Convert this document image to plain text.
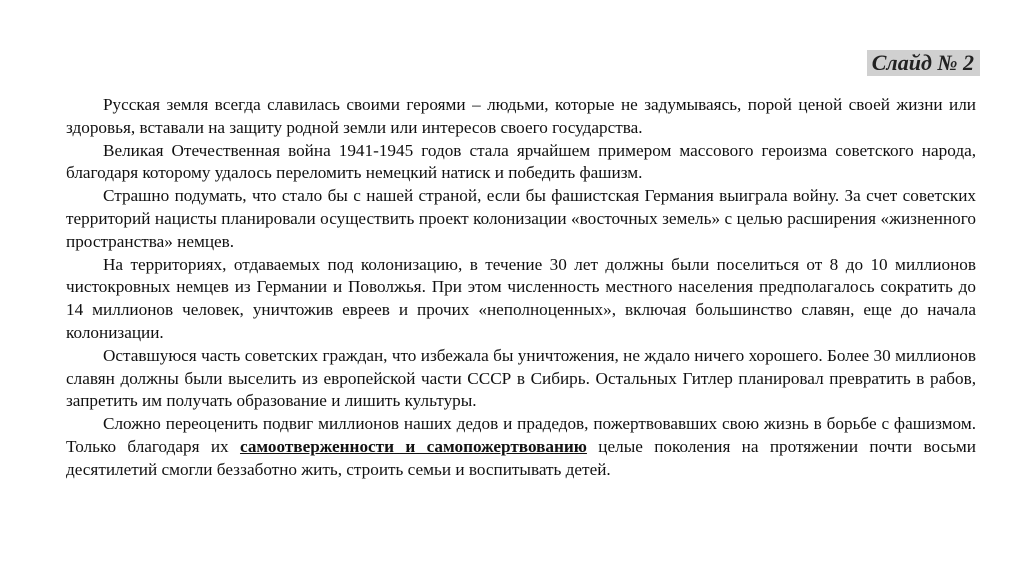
Слайд № 2

Русская земля всегда славилась своими героями – людьми, которые не задумываясь, порой ценой своей жизни или здоровья, вставали на защиту родной земли или интересов своего государства.

Великая Отечественная война 1941-1945 годов стала ярчайшем примером массового героизма советского народа, благодаря которому удалось переломить немецкий натиск и победить фашизм.

Страшно подумать, что стало бы с нашей страной, если бы фашистская Германия выиграла войну. За счет советских территорий нацисты планировали осуществить проект колонизации «восточных земель» с целью расширения «жизненного пространства» немцев.

На территориях, отдаваемых под колонизацию, в течение 30 лет должны были поселиться от 8 до 10 миллионов чистокровных немцев из Германии и Поволжья. При этом численность местного населения предполагалось сократить до 14 миллионов человек, уничтожив евреев и прочих «неполноценных», включая большинство славян, еще до начала колонизации.

Оставшуюся часть советских граждан, что избежала бы уничтожения, не ждало ничего хорошего. Более 30 миллионов славян должны были выселить из европейской части СССР в Сибирь. Остальных Гитлер планировал превратить в рабов, запретить им получать образование и лишить культуры.

Сложно переоценить подвиг миллионов наших дедов и прадедов, пожертвовавших свою жизнь в борьбе с фашизмом. Только благодаря их самоотверженности и самопожертвованию целые поколения на протяжении почти восьми десятилетий смогли беззаботно жить, строить семьи и воспитывать детей.
